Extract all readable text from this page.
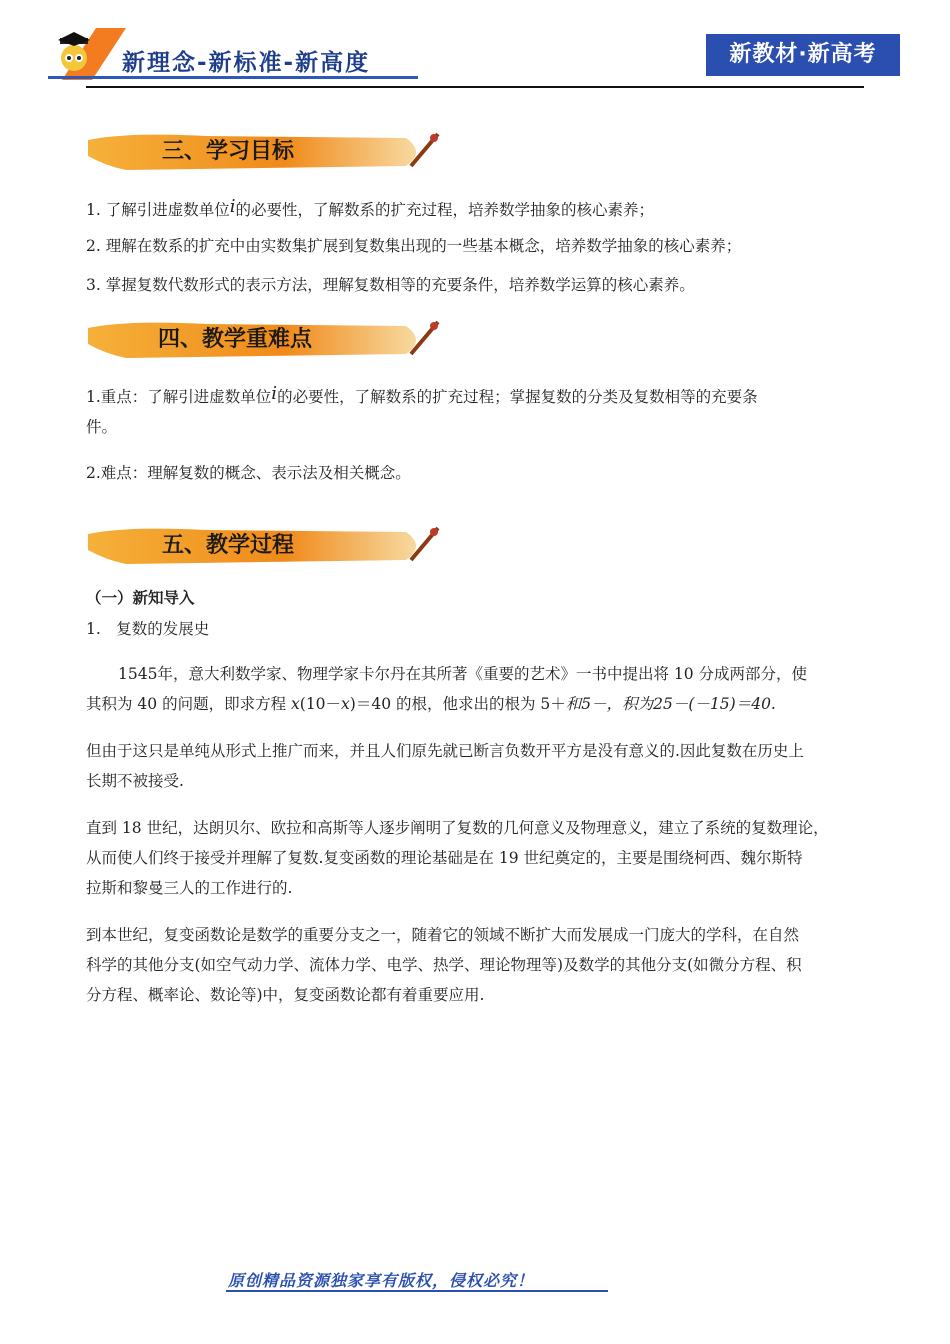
新理念-新标准-新高度	新教材·新高考
三、学习目标
1. 了解引进虚数单位i的必要性，了解数系的扩充过程，培养数学抽象的核心素养；
2. 理解在数系的扩充中由实数集扩展到复数集出现的一些基本概念，培养数学抽象的核心素养；
3. 掌握复数代数形式的表示方法，理解复数相等的充要条件，培养数学运算的核心素养。
四、教学重难点
1.重点：了解引进虚数单位i的必要性，了解数系的扩充过程；掌握复数的分类及复数相等的充要条
件。
2.难点：理解复数的概念、表示法及相关概念。
五、教学过程
（一）新知导入
1.　复数的发展史
1545年，意大利数学家、物理学家卡尔丹在其所著《重要的艺术》一书中提出将 10 分成两部分，使
其积为 40 的问题，即求方程 x(10－x)＝40 的根，他求出的根为 5＋和5－，积为25－(－15)＝40.
但由于这只是单纯从形式上推广而来，并且人们原先就已断言负数开平方是没有意义的.因此复数在历史上
长期不被接受.
直到 18 世纪，达朗贝尔、欧拉和高斯等人逐步阐明了复数的几何意义及物理意义，建立了系统的复数理论，
从而使人们终于接受并理解了复数.复变函数的理论基础是在 19 世纪奠定的，主要是围绕柯西、魏尔斯特
拉斯和黎曼三人的工作进行的.
到本世纪，复变函数论是数学的重要分支之一，随着它的领域不断扩大而发展成一门庞大的学科，在自然
科学的其他分支(如空气动力学、流体力学、电学、热学、理论物理等)及数学的其他分支(如微分方程、积
分方程、概率论、数论等)中，复变函数论都有着重要应用.
原创精品资源独家享有版权，侵权必究！
